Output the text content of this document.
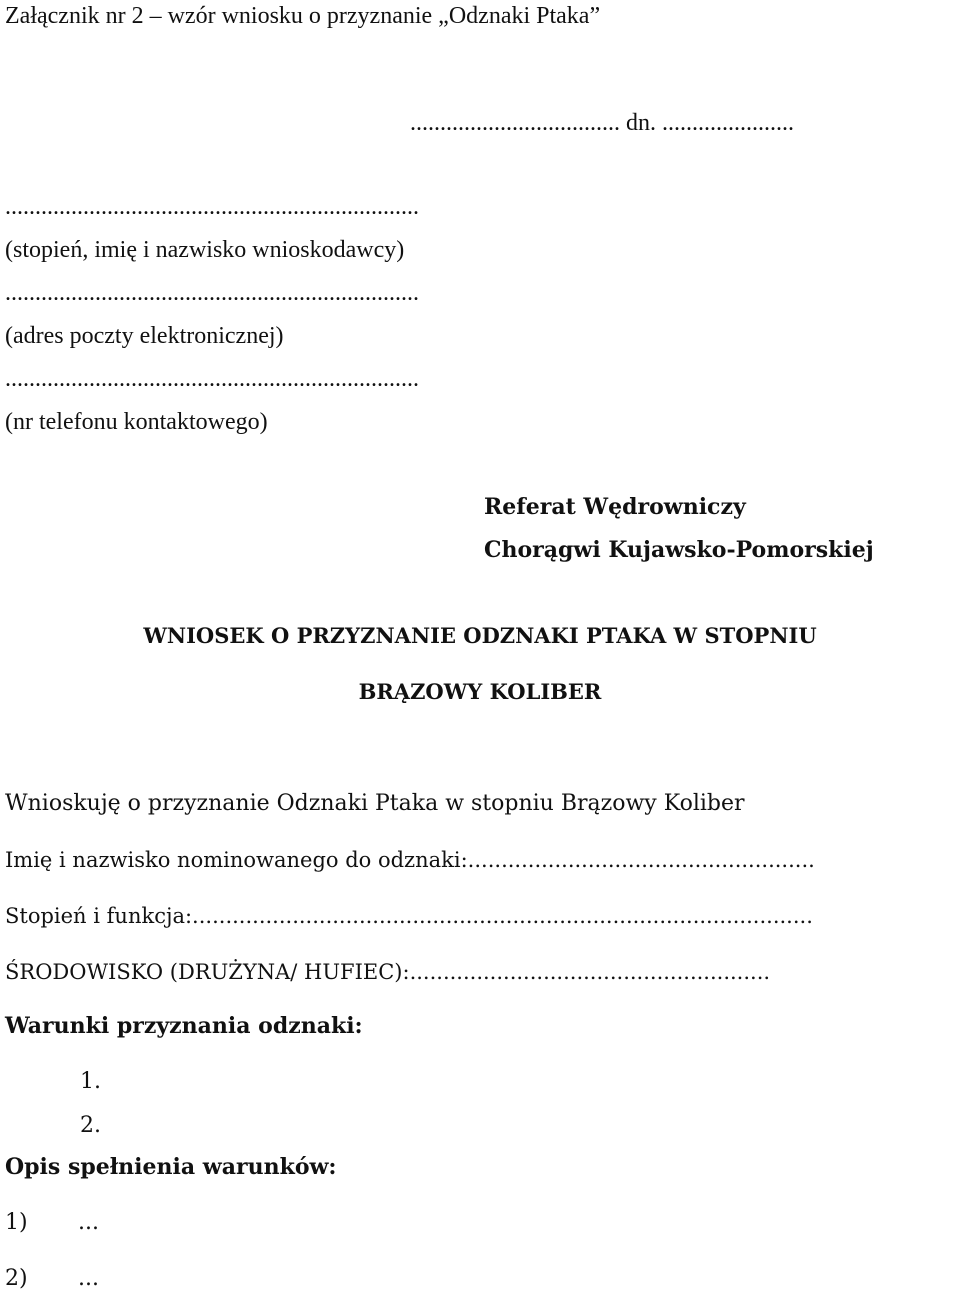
Załącznik nr 2 – wzór wniosku o przyznanie „Odznaki Ptaka”
................................... dn. ......................
.....................................................................
(stopień, imię i nazwisko wnioskodawcy)
.....................................................................
(adres poczty elektronicznej)
.....................................................................
(nr telefonu kontaktowego)
Referat Wędrowniczy
Chorągwi Kujawsko-Pomorskiej
WNIOSEK O PRZYZNANIE ODZNAKI PTAKA W STOPNIU
BRĄZOWY KOLIBER
Wnioskuję o przyznanie Odznaki Ptaka w stopniu Brązowy Koliber
Imię i nazwisko nominowanego do odznaki:....................................................
Stopień i funkcja:.............................................................................................
ŚRODOWISKO (DRUŻYNA/ HUFIEC):......................................................
Warunki przyznania odznaki:
1.
2.
Opis spełnienia warunków:
1) ...
2) ...
